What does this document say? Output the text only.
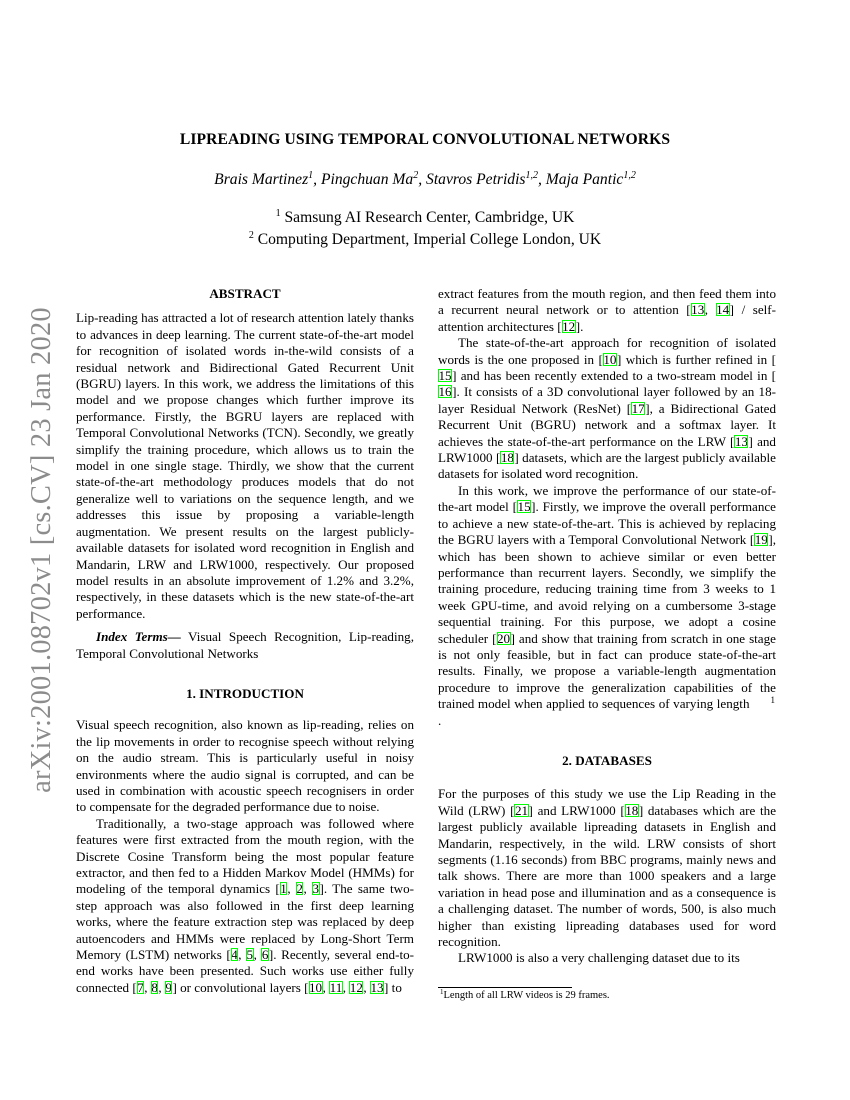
arXiv:2001.08702v1 [cs.CV] 23 Jan 2020
LIPREADING USING TEMPORAL CONVOLUTIONAL NETWORKS
Brais Martinez$^1$, Pingchuan Ma$^2$, Stavros Petridis$^{1,2}$, Maja Pantic$^{1,2}$
$^1$ Samsung AI Research Center, Cambridge, UK
$^2$ Computing Department, Imperial College London, UK

ABSTRACT

Lip-reading has attracted a lot of research attention lately thanks to advances in deep learning. The current state-of-the-art model for recognition of isolated words in-the-wild consists of a residual network and Bidirectional Gated Recurrent Unit (BGRU) layers. In this work, we address the limitations of this model and we propose changes which further improve its performance. Firstly, the BGRU layers are replaced with Temporal Convolutional Networks (TCN). Secondly, we greatly simplify the training procedure, which allows us to train the model in one single stage. Thirdly, we show that the current state-of-the-art methodology produces models that do not generalize well to variations on the sequence length, and we addresses this issue by proposing a variable-length augmentation. We present results on the largest publicly-available datasets for isolated word recognition in English and Mandarin, LRW and LRW1000, respectively. Our proposed model results in an absolute improvement of 1.2% and 3.2%, respectively, in these datasets which is the new state-of-the-art performance.

Index Terms— Visual Speech Recognition, Lip-reading, Temporal Convolutional Networks

1. INTRODUCTION

Visual speech recognition, also known as lip-reading, relies on the lip movements in order to recognise speech without relying on the audio stream. This is particularly useful in noisy environments where the audio signal is corrupted, and can be used in combination with acoustic speech recognisers in order to compensate for the degraded performance due to noise.

Traditionally, a two-stage approach was followed where features were first extracted from the mouth region, with the Discrete Cosine Transform being the most popular feature extractor, and then fed to a Hidden Markov Model (HMMs) for modeling of the temporal dynamics [1, 2, 3]. The same two-step approach was also followed in the first deep learning works, where the feature extraction step was replaced by deep autoencoders and HMMs were replaced by Long-Short Term Memory (LSTM) networks [4, 5, 6]. Recently, several end-to-end works have been presented. Such works use either fully connected [7, 8, 9] or convolutional layers [10, 11, 12, 13] to

extract features from the mouth region, and then feed them into a recurrent neural network or to attention [13, 14] / self-attention architectures [12].

The state-of-the-art approach for recognition of isolated words is the one proposed in [10] which is further refined in [15] and has been recently extended to a two-stream model in [16]. It consists of a 3D convolutional layer followed by an 18-layer Residual Network (ResNet) [17], a Bidirectional Gated Recurrent Unit (BGRU) network and a softmax layer. It achieves the state-of-the-art performance on the LRW [13] and LRW1000 [18] datasets, which are the largest publicly available datasets for isolated word recognition.

In this work, we improve the performance of our state-of-the-art model [15]. Firstly, we improve the overall performance to achieve a new state-of-the-art. This is achieved by replacing the BGRU layers with a Temporal Convolutional Network [19], which has been shown to achieve similar or even better performance than recurrent layers. Secondly, we simplify the training procedure, reducing training time from 3 weeks to 1 week GPU-time, and avoid relying on a cumbersome 3-stage sequential training. For this purpose, we adopt a cosine scheduler [20] and show that training from scratch in one stage is not only feasible, but in fact can produce state-of-the-art results. Finally, we propose a variable-length augmentation procedure to improve the generalization capabilities of the trained model when applied to sequences of varying length 1.

2. DATABASES

For the purposes of this study we use the Lip Reading in the Wild (LRW) [21] and LRW1000 [18] databases which are the largest publicly available lipreading datasets in English and Mandarin, respectively, in the wild. LRW consists of short segments (1.16 seconds) from BBC programs, mainly news and talk shows. There are more than 1000 speakers and a large variation in head pose and illumination and as a consequence is a challenging dataset. The number of words, 500, is also much higher than existing lipreading databases used for word recognition.

LRW1000 is also a very challenging dataset due to its

$^1$Length of all LRW videos is 29 frames.
